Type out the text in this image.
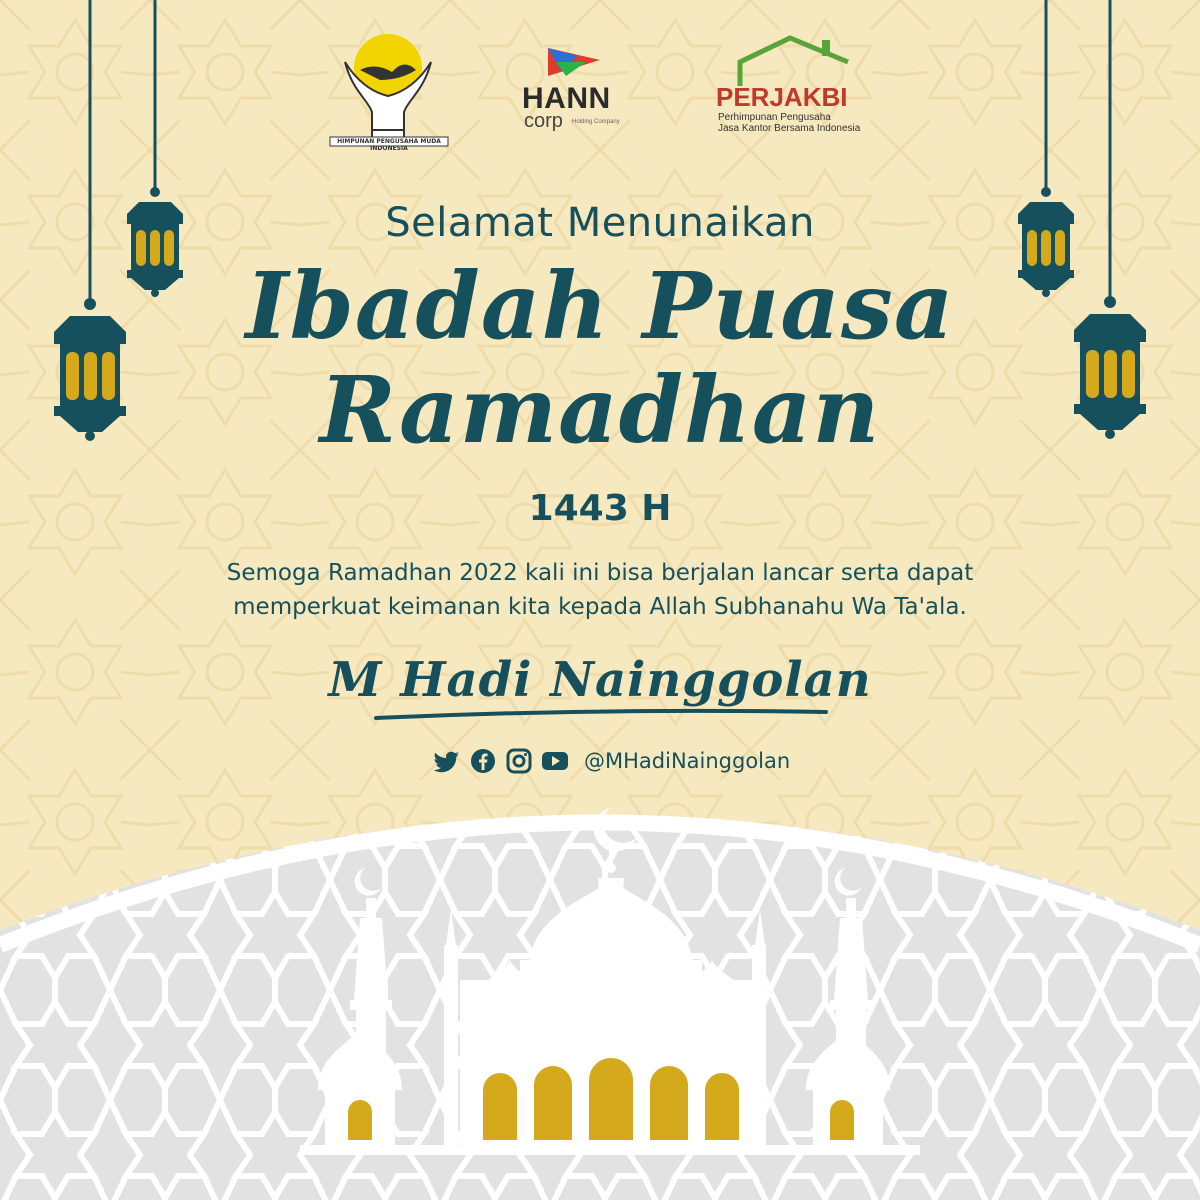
HIMPUNAN PENGUSAHA MUDA INDONESIA
HANN
corp Holding Company
PERJAKBI
Perhimpunan Pengusaha
Jasa Kantor Bersama Indonesia
Selamat Menunaikan
Ibadah Puasa
Ramadhan
1443 H
Semoga Ramadhan 2022 kali ini bisa berjalan lancar serta dapat
memperkuat keimanan kita kepada Allah Subhanahu Wa Ta'ala.
M Hadi Nainggolan
@MHadiNainggolan
